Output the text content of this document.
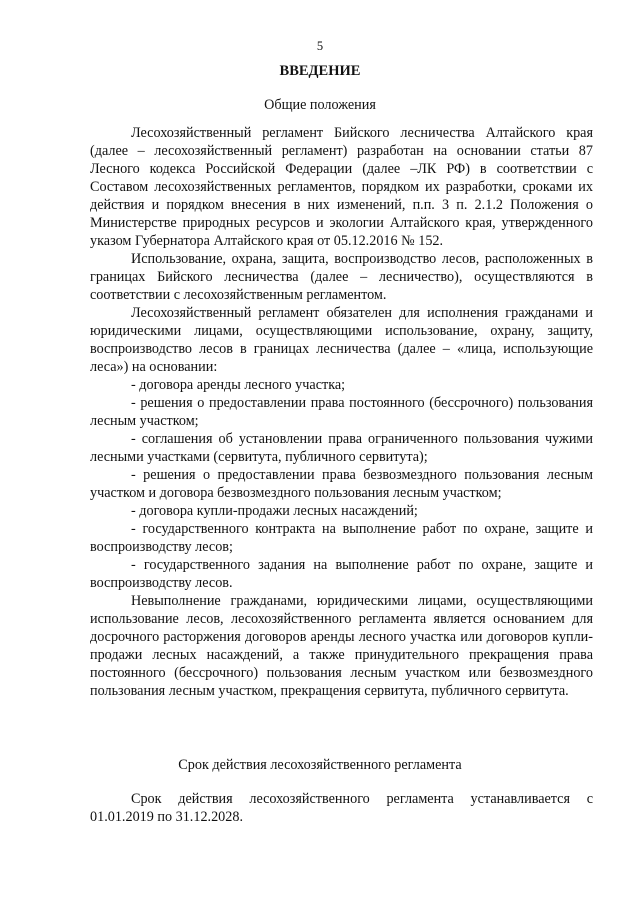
5
ВВЕДЕНИЕ
Общие положения

Лесохозяйственный регламент Бийского лесничества Алтайского края (далее – лесохозяйственный регламент) разработан на основании статьи 87 Лесного кодекса Российской Федерации (далее –ЛК РФ) в соответствии с Составом лесохозяйственных регламентов, порядком их разработки, сроками их действия и порядком внесения в них изменений, п.п. 3 п. 2.1.2 Положения о Министерстве природных ресурсов и экологии Алтайского края, утвержденного указом Губернатора Алтайского края от 05.12.2016 № 152.

Использование, охрана, защита, воспроизводство лесов, расположенных в границах Бийского лесничества (далее – лесничество), осуществляются в соответствии с лесохозяйственным регламентом.

Лесохозяйственный регламент обязателен для исполнения гражданами и юридическими лицами, осуществляющими использование, охрану, защиту, воспроизводство лесов в границах лесничества (далее – «лица, использующие леса») на основании:

- договора аренды лесного участка;

- решения о предоставлении права постоянного (бессрочного) пользования лесным участком;

- соглашения об установлении права ограниченного пользования чужими лесными участками (сервитута, публичного сервитута);

- решения о предоставлении права безвозмездного пользования лесным участком и договора безвозмездного пользования лесным участком;

- договора купли-продажи лесных насаждений;

- государственного контракта на выполнение работ по охране, защите и воспроизводству лесов;

- государственного задания на выполнение работ по охране, защите и воспроизводству лесов.

Невыполнение гражданами, юридическими лицами, осуществляющими использование лесов, лесохозяйственного регламента является основанием для досрочного расторжения договоров аренды лесного участка или договоров купли-продажи лесных насаждений, а также принудительного прекращения права постоянного (бессрочного) пользования лесным участком или безвозмездного пользования лесным участком, прекращения сервитута, публичного сервитута.

Срок действия лесохозяйственного регламента

Срок действия лесохозяйственного регламента устанавливается с 01.01.2019 по 31.12.2028.
